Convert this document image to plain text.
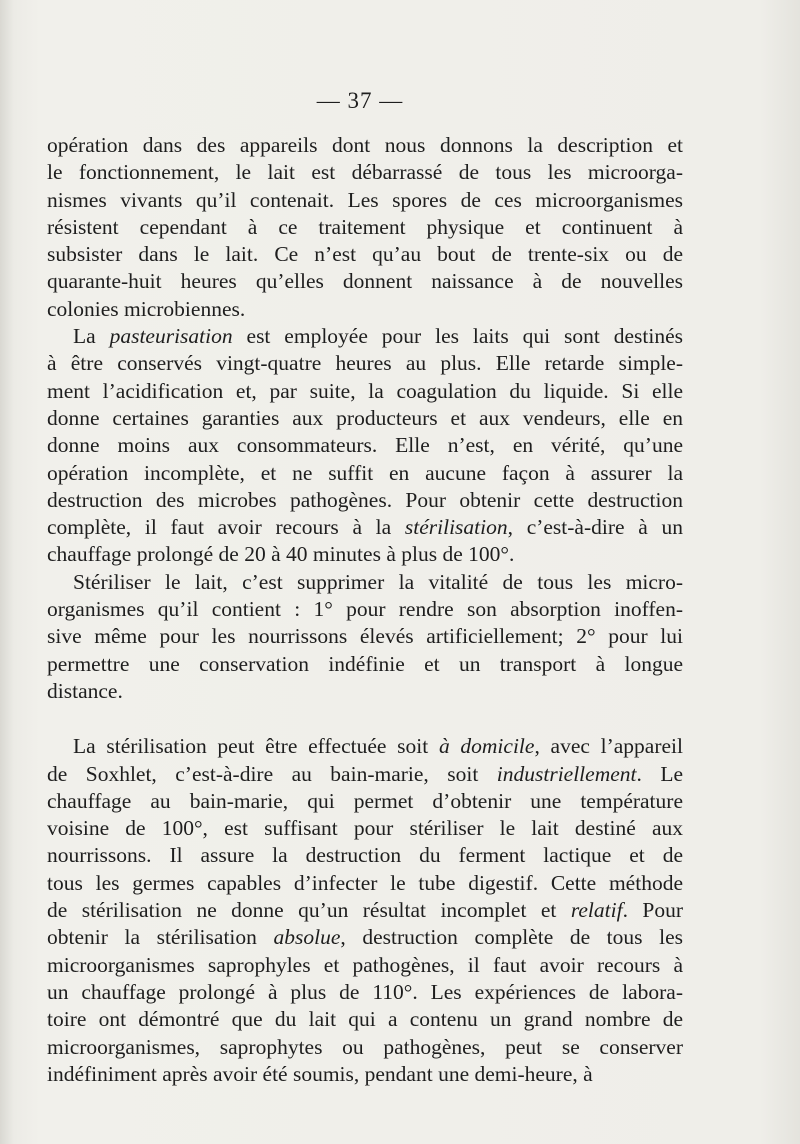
— 37 —
opération dans des appareils dont nous donnons la description et
le fonctionnement, le lait est débarrassé de tous les microorga-
nismes vivants qu’il contenait. Les spores de ces microorganismes
résistent cependant à ce traitement physique et continuent à
subsister dans le lait. Ce n’est qu’au bout de trente-six ou de
quarante-huit heures qu’elles donnent naissance à de nouvelles
colonies microbiennes.
La pasteurisation est employée pour les laits qui sont destinés
à être conservés vingt-quatre heures au plus. Elle retarde simple-
ment l’acidification et, par suite, la coagulation du liquide. Si elle
donne certaines garanties aux producteurs et aux vendeurs, elle en
donne moins aux consommateurs. Elle n’est, en vérité, qu’une
opération incomplète, et ne suffit en aucune façon à assurer la
destruction des microbes pathogènes. Pour obtenir cette destruction
complète, il faut avoir recours à la stérilisation, c’est-à-dire à un
chauffage prolongé de 20 à 40 minutes à plus de 100°.
Stériliser le lait, c’est supprimer la vitalité de tous les micro-
organismes qu’il contient : 1° pour rendre son absorption inoffen-
sive même pour les nourrissons élevés artificiellement; 2° pour lui
permettre une conservation indéfinie et un transport à longue
distance.
La stérilisation peut être effectuée soit à domicile, avec l’appareil
de Soxhlet, c’est-à-dire au bain-marie, soit industriellement. Le
chauffage au bain-marie, qui permet d’obtenir une température
voisine de 100°, est suffisant pour stériliser le lait destiné aux
nourrissons. Il assure la destruction du ferment lactique et de
tous les germes capables d’infecter le tube digestif. Cette méthode
de stérilisation ne donne qu’un résultat incomplet et relatif. Pour
obtenir la stérilisation absolue, destruction complète de tous les
microorganismes saprophyles et pathogènes, il faut avoir recours à
un chauffage prolongé à plus de 110°. Les expériences de labora-
toire ont démontré que du lait qui a contenu un grand nombre de
microorganismes, saprophytes ou pathogènes, peut se conserver
indéfiniment après avoir été soumis, pendant une demi-heure, à
